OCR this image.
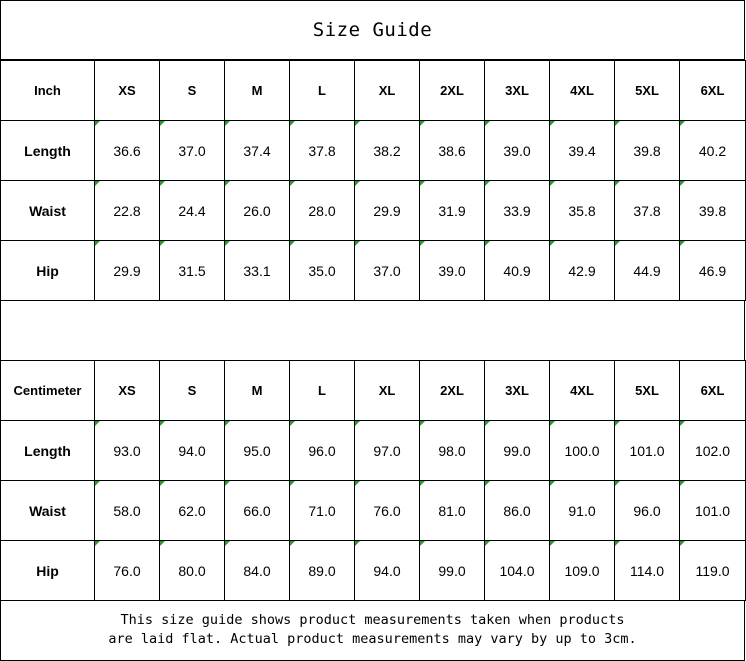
Size Guide
Inch	XS	S	M	L	XL	2XL	3XL	4XL	5XL	6XL
Length	36.6	37.0	37.4	37.8	38.2	38.6	39.0	39.4	39.8	40.2
Waist	22.8	24.4	26.0	28.0	29.9	31.9	33.9	35.8	37.8	39.8
Hip	29.9	31.5	33.1	35.0	37.0	39.0	40.9	42.9	44.9	46.9
Centimeter	XS	S	M	L	XL	2XL	3XL	4XL	5XL	6XL
Length	93.0	94.0	95.0	96.0	97.0	98.0	99.0	100.0	101.0	102.0
Waist	58.0	62.0	66.0	71.0	76.0	81.0	86.0	91.0	96.0	101.0
Hip	76.0	80.0	84.0	89.0	94.0	99.0	104.0	109.0	114.0	119.0
This size guide shows product measurements taken when products
are laid flat. Actual product measurements may vary by up to 3cm.
